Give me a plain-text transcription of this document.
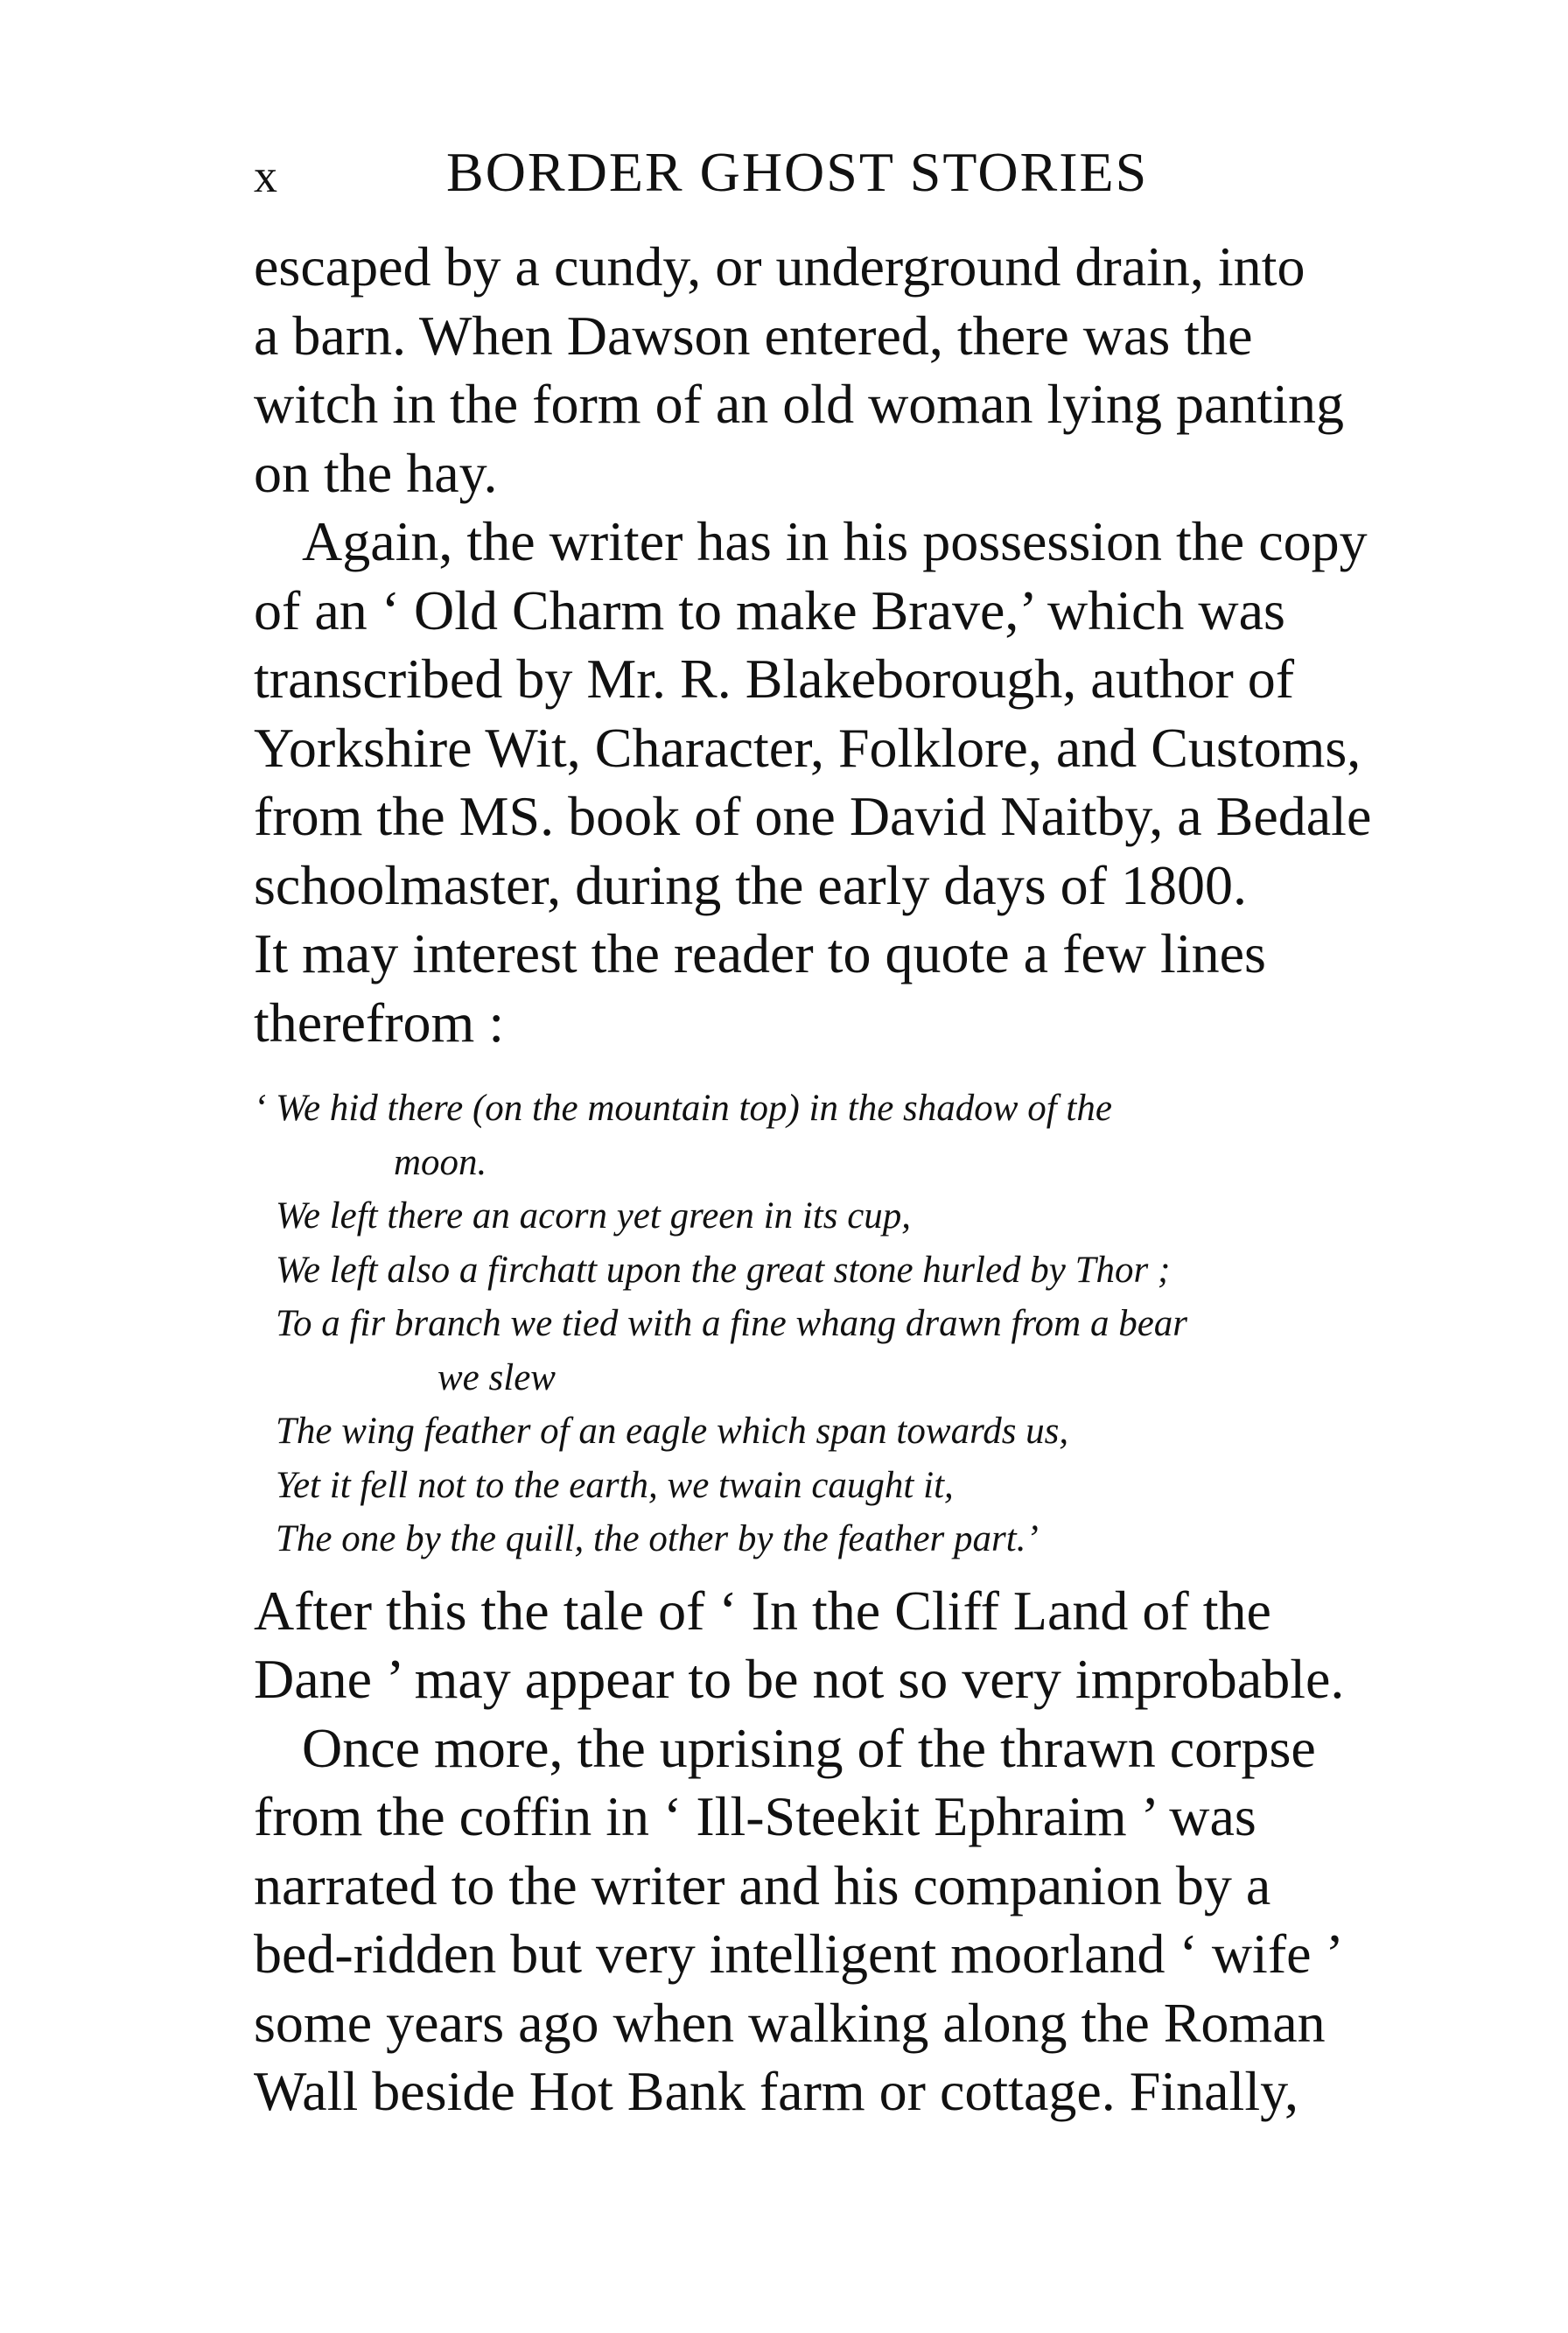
x	BORDER GHOST STORIES

escaped by a cundy, or underground drain, into
a barn. When Dawson entered, there was the
witch in the form of an old woman lying panting
on the hay.

Again, the writer has in his possession the copy
of an ‘ Old Charm to make Brave,’ which was
transcribed by Mr. R. Blakeborough, author of
Yorkshire Wit, Character, Folklore, and Customs,
from the MS. book of one David Naitby, a Bedale
schoolmaster, during the early days of 1800.
It may interest the reader to quote a few lines
therefrom :

‘ We hid there (on the mountain top) in the shadow of the
moon.
We left there an acorn yet green in its cup,
We left also a firchatt upon the great stone hurled by Thor ;
To a fir branch we tied with a fine whang drawn from a bear
we slew
The wing feather of an eagle which span towards us,
Yet it fell not to the earth, we twain caught it,
The one by the quill, the other by the feather part.’

After this the tale of ‘ In the Cliff Land of the
Dane ’ may appear to be not so very improbable.

Once more, the uprising of the thrawn corpse
from the coffin in ‘ Ill-Steekit Ephraim ’ was
narrated to the writer and his companion by a
bed-ridden but very intelligent moorland ‘ wife ’
some years ago when walking along the Roman
Wall beside Hot Bank farm or cottage. Finally,
